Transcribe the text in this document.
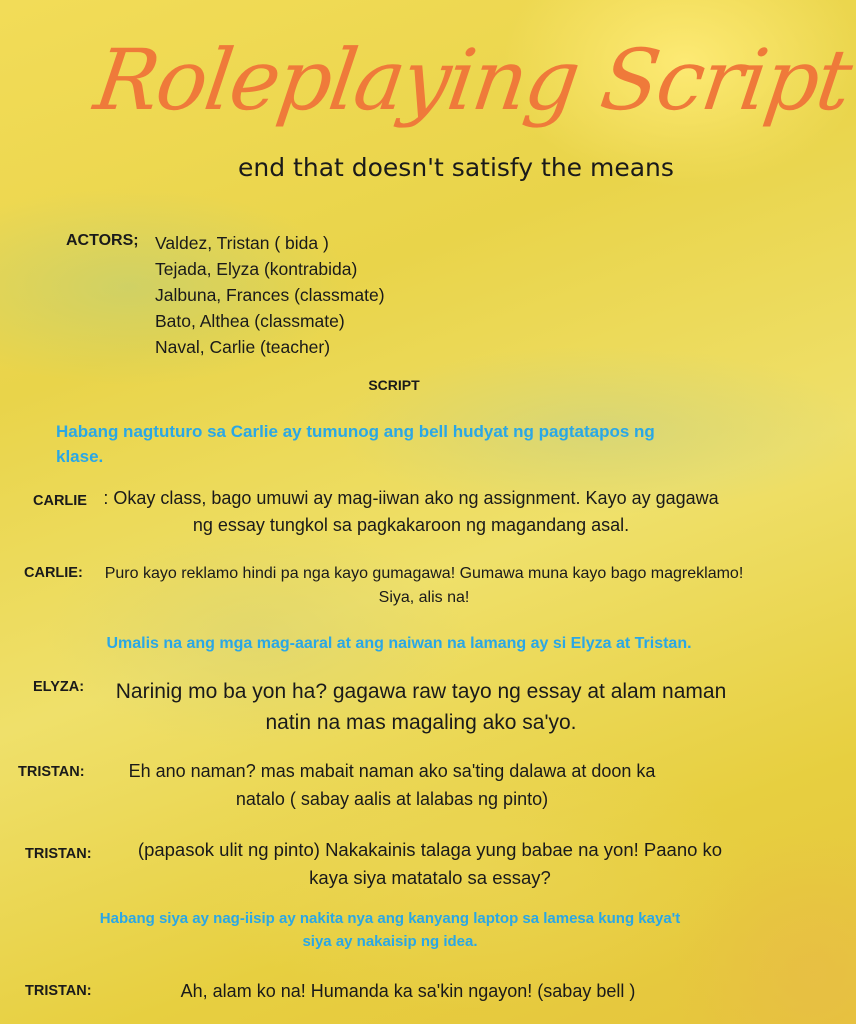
Roleplaying Script
end that doesn't satisfy the means
ACTORS; Valdez, Tristan ( bida )
Tejada, Elyza (kontrabida)
Jalbuna, Frances (classmate)
Bato, Althea (classmate)
Naval, Carlie (teacher)
SCRIPT
Habang nagtuturo sa Carlie ay tumunog ang bell hudyat ng pagtatapos ng klase.
CARLIE : Okay class, bago umuwi ay mag-iiwan ako ng assignment. Kayo ay gagawa ng essay tungkol sa pagkakaroon ng magandang asal.
CARLIE:	Puro kayo reklamo hindi pa nga kayo gumagawa! Gumawa muna kayo bago magreklamo! Siya, alis na!
Umalis na ang mga mag-aaral at ang naiwan na lamang ay si Elyza at Tristan.
ELYZA:	Narinig mo ba yon ha? gagawa raw tayo ng essay at alam naman natin na mas magaling ako sa'yo.
TRISTAN:	Eh ano naman? mas mabait naman ako sa'ting dalawa at doon ka natalo ( sabay aalis at lalabas ng pinto)
TRISTAN:	(papasok ulit ng pinto) Nakakainis talaga yung babae na yon! Paano ko kaya siya matatalo sa essay?
Habang siya ay nag-iisip ay nakita nya ang kanyang laptop sa lamesa kung kaya't siya ay nakaisip ng idea.
TRISTAN:	Ah, alam ko na! Humanda ka sa'kin ngayon! (sabay bell )
